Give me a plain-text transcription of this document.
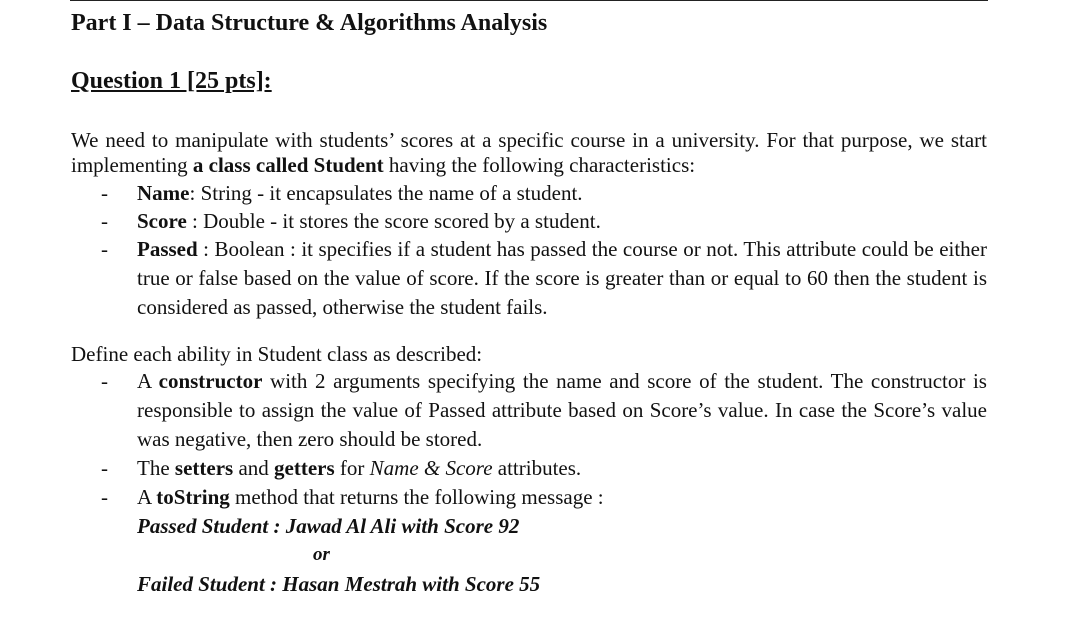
Part I – Data Structure & Algorithms Analysis
Question 1 [25 pts]:
We need to manipulate with students’ scores at a specific course in a university. For that purpose, we start implementing a class called Student having the following characteristics:
- Name: String - it encapsulates the name of a student.
- Score : Double - it stores the score scored by a student.
- Passed : Boolean : it specifies if a student has passed the course or not. This attribute could be either true or false based on the value of score. If the score is greater than or equal to 60 then the student is considered as passed, otherwise the student fails.
Define each ability in Student class as described:
- A constructor with 2 arguments specifying the name and score of the student. The constructor is responsible to assign the value of Passed attribute based on Score’s value. In case the Score’s value was negative, then zero should be stored.
- The setters and getters for Name & Score attributes.
- A toString method that returns the following message :
Passed Student : Jawad Al Ali with Score 92
or
Failed Student : Hasan Mestrah with Score 55
